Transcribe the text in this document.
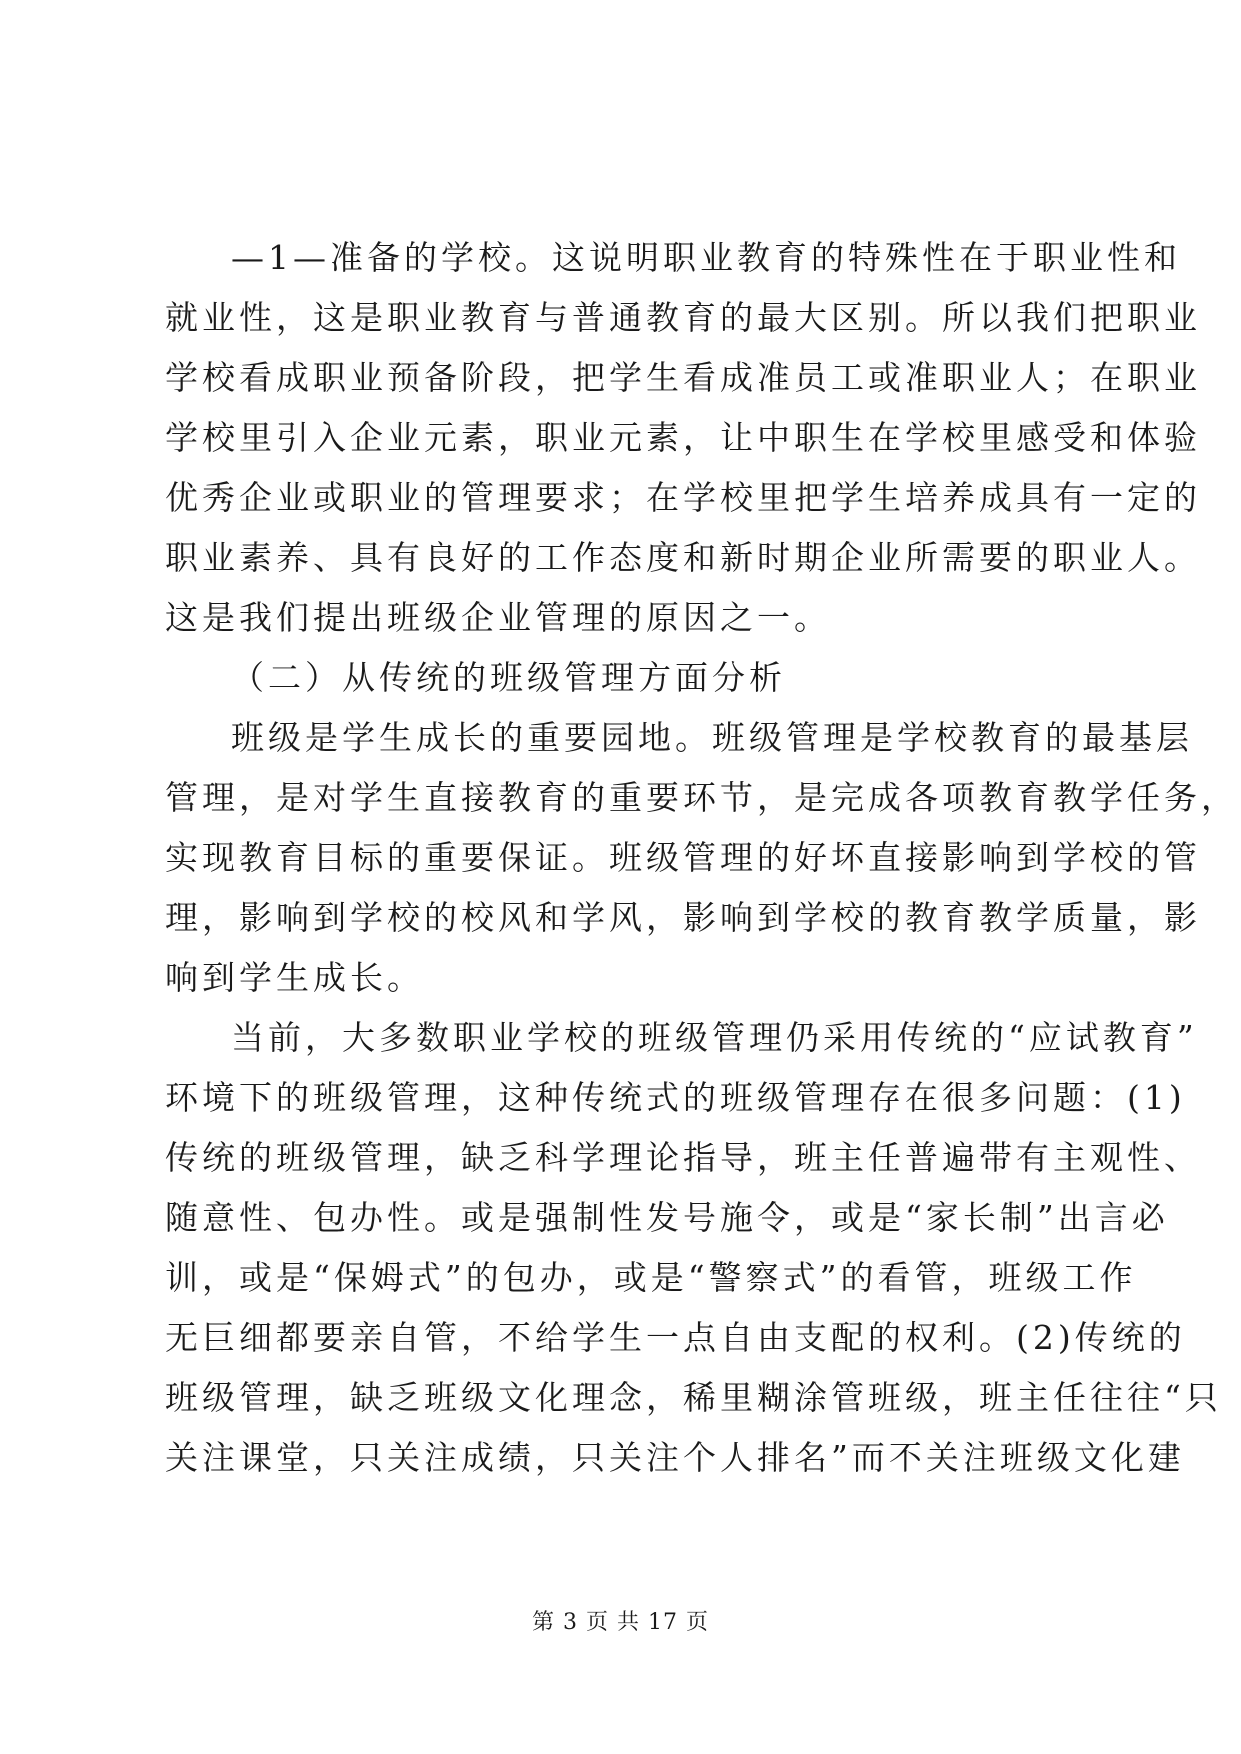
—1—准备的学校。这说明职业教育的特殊性在于职业性和
就业性，这是职业教育与普通教育的最大区别。所以我们把职业
学校看成职业预备阶段，把学生看成准员工或准职业人；在职业
学校里引入企业元素，职业元素，让中职生在学校里感受和体验
优秀企业或职业的管理要求；在学校里把学生培养成具有一定的
职业素养、具有良好的工作态度和新时期企业所需要的职业人。
这是我们提出班级企业管理的原因之一。
（二）从传统的班级管理方面分析
班级是学生成长的重要园地。班级管理是学校教育的最基层
管理，是对学生直接教育的重要环节，是完成各项教育教学任务，
实现教育目标的重要保证。班级管理的好坏直接影响到学校的管
理，影响到学校的校风和学风，影响到学校的教育教学质量，影
响到学生成长。
当前，大多数职业学校的班级管理仍采用传统的“应试教育”
环境下的班级管理，这种传统式的班级管理存在很多问题：(1)
传统的班级管理，缺乏科学理论指导，班主任普遍带有主观性、
随意性、包办性。或是强制性发号施令，或是“家长制”出言必
训，或是“保姆式”的包办，或是“警察式”的看管，班级工作
无巨细都要亲自管，不给学生一点自由支配的权利。(2)传统的
班级管理，缺乏班级文化理念，稀里糊涂管班级，班主任往往“只
关注课堂，只关注成绩，只关注个人排名”而不关注班级文化建
第 3 页 共 17 页
